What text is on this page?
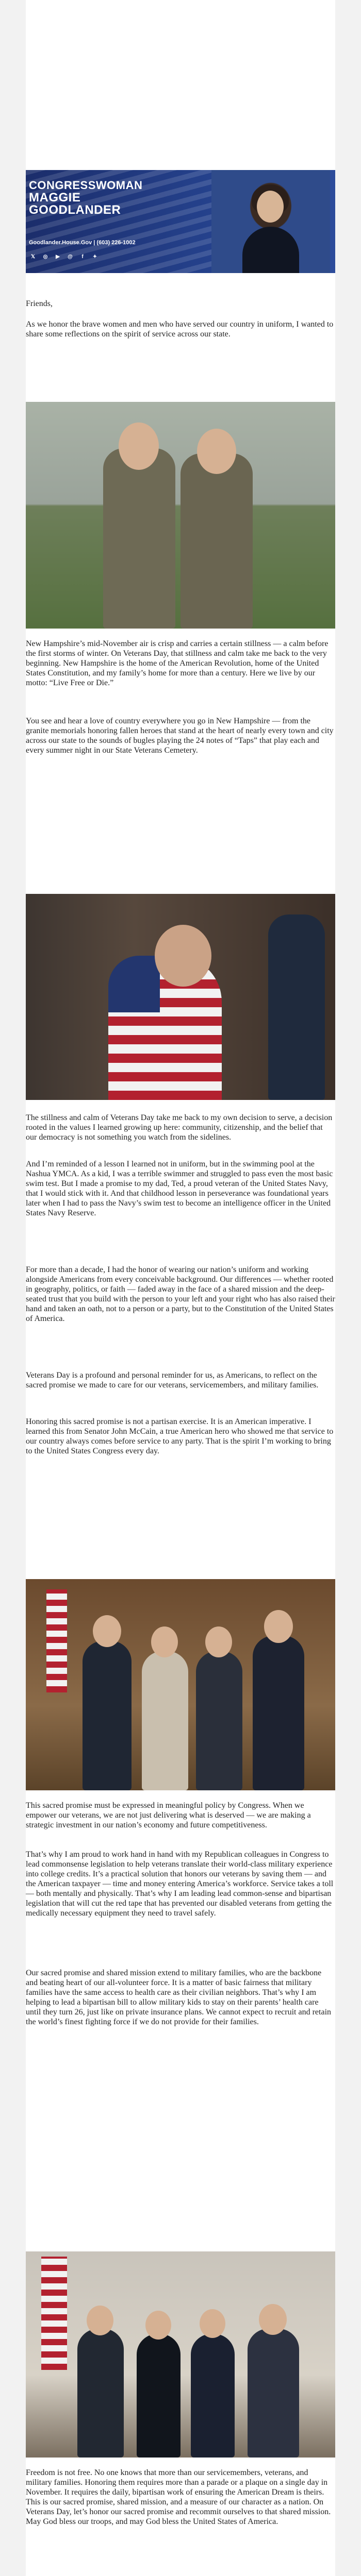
CONGRESSWOMAN
MAGGIE
GOODLANDER
Goodlander.House.Gov | (603) 226-1002
𝕏	◎	▶	@	f	✦

Friends,

As we honor the brave women and men who have served our country in uniform, I wanted to share some reflections on the spirit of service across our state.

New Hampshire’s mid-November air is crisp and carries a certain stillness — a calm before the first storms of winter. On Veterans Day, that stillness and calm take me back to the very beginning. New Hampshire is the home of the American Revolution, home of the United States Constitution, and my family’s home for more than a century. Here we live by our motto: “Live Free or Die.”

You see and hear a love of country everywhere you go in New Hampshire — from the granite memorials honoring fallen heroes that stand at the heart of nearly every town and city across our state to the sounds of bugles playing the 24 notes of “Taps” that play each and every summer night in our State Veterans Cemetery.

The stillness and calm of Veterans Day take me back to my own decision to serve, a decision rooted in the values I learned growing up here: community, citizenship, and the belief that our democracy is not something you watch from the sidelines.

And I’m reminded of a lesson I learned not in uniform, but in the swimming pool at the Nashua YMCA. As a kid, I was a terrible swimmer and struggled to pass even the most basic swim test. But I made a promise to my dad, Ted, a proud veteran of the United States Navy, that I would stick with it. And that childhood lesson in perseverance was foundational years later when I had to pass the Navy’s swim test to become an intelligence officer in the United States Navy Reserve.

For more than a decade, I had the honor of wearing our nation’s uniform and working alongside Americans from every conceivable background. Our differences — whether rooted in geography, politics, or faith — faded away in the face of a shared mission and the deep-seated trust that you build with the person to your left and your right who has also raised their hand and taken an oath, not to a person or a party, but to the Constitution of the United States of America.

Veterans Day is a profound and personal reminder for us, as Americans, to reflect on the sacred promise we made to care for our veterans, servicemembers, and military families.

Honoring this sacred promise is not a partisan exercise. It is an American imperative. I learned this from Senator John McCain, a true American hero who showed me that service to our country always comes before service to any party. That is the spirit I’m working to bring to the United States Congress every day.

This sacred promise must be expressed in meaningful policy by Congress. When we empower our veterans, we are not just delivering what is deserved — we are making a strategic investment in our nation’s economy and future competitiveness.

That’s why I am proud to work hand in hand with my Republican colleagues in Congress to lead commonsense legislation to help veterans translate their world-class military experience into college credits. It’s a practical solution that honors our veterans by saving them — and the American taxpayer — time and money entering America’s workforce. Service takes a toll — both mentally and physically. That’s why I am leading lead common-sense and bipartisan legislation that will cut the red tape that has prevented our disabled veterans from getting the medically necessary equipment they need to travel safely.

Our sacred promise and shared mission extend to military families, who are the backbone and beating heart of our all-volunteer force. It is a matter of basic fairness that military families have the same access to health care as their civilian neighbors. That’s why I am helping to lead a bipartisan bill to allow military kids to stay on their parents’ health care until they turn 26, just like on private insurance plans. We cannot expect to recruit and retain the world’s finest fighting force if we do not provide for their families.

Freedom is not free. No one knows that more than our servicemembers, veterans, and military families. Honoring them requires more than a parade or a plaque on a single day in November. It requires the daily, bipartisan work of ensuring the American Dream is theirs. This is our sacred promise, shared mission, and a measure of our character as a nation. On Veterans Day, let’s honor our sacred promise and recommit ourselves to that shared mission. May God bless our troops, and may God bless the United States of America.
